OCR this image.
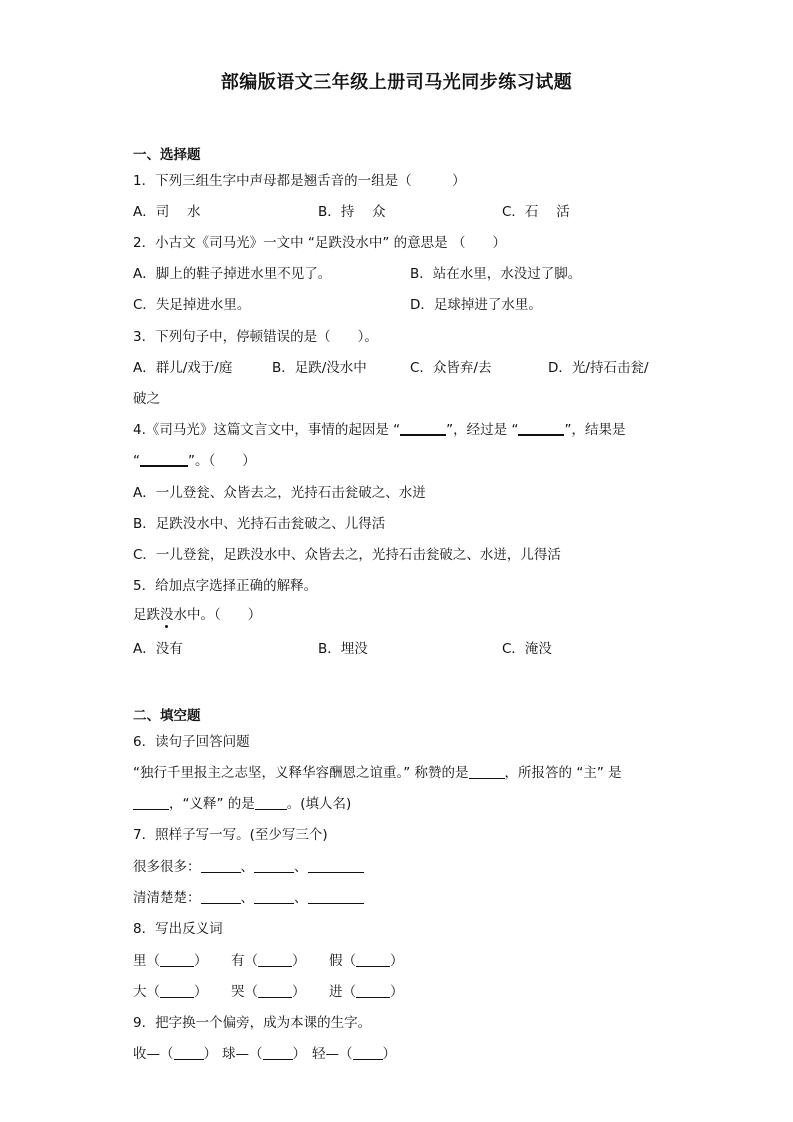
部编版语文三年级上册司马光同步练习试题
一、选择题
1．下列三组生字中声母都是翘舌音的一组是（　　　）
A．司　 水	B．持　 众	C．石　 活
2．小古文《司马光》一文中 “足跌没水中” 的意思是 （　　）
A．脚上的鞋子掉进水里不见了。	B．站在水里，水没过了脚。
C．失足掉进水里。	D．足球掉进了水里。
3．下列句子中，停顿错误的是（　　）。
A．群儿/戏于/庭	B．足跌/没水中	C．众皆弃/去	D．光/持石击瓮/
破之
4.《司马光》这篇文言文中，事情的起因是 “	”，经过是 “	”，结果是
“	”。（　　）
A．一儿登瓮、众皆去之，光持石击瓮破之、水迸
B．足跌没水中、光持石击瓮破之、儿得活
C．一儿登瓮，足跌没水中、众皆去之，光持石击瓮破之、水迸，儿得活
5．给加点字选择正确的解释。
足跌没水中。（　　）
A．没有	B．埋没	C．淹没
二、填空题
6．读句子回答问题
“独行千里报主之志坚，义释华容酬恩之谊重。” 称赞的是	，所报答的 “主” 是
，“义释” 的是 。(填人名)
7．照样子写一写。(至少写三个)
很多很多：	、	、
清清楚楚：	、	、
8．写出反义词
里（	） 有（	） 假（	）
大（	） 哭（	） 进（	）
9．把字换一个偏旁，成为本课的生字。
收—（ ） 球—（ ） 轻—（ ）
